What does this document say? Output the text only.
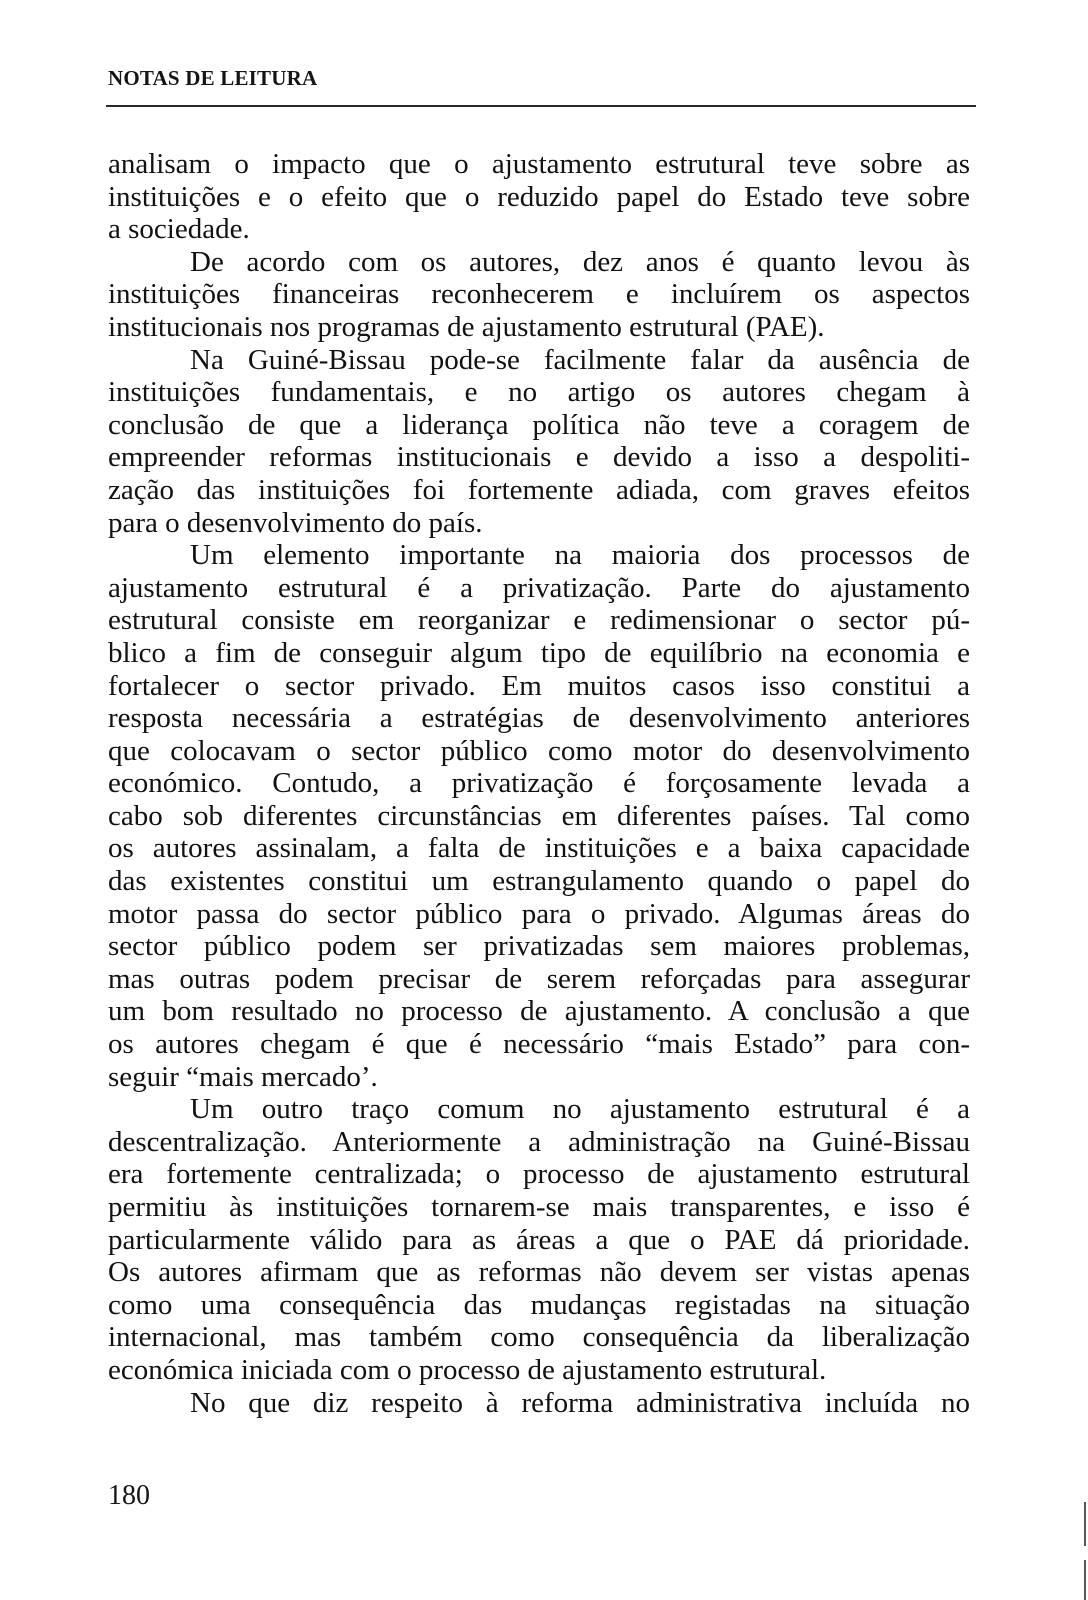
NOTAS DE LEITURA
analisam o impacto que o ajustamento estrutural teve sobre as
instituições e o efeito que o reduzido papel do Estado teve sobre
a sociedade.
De acordo com os autores, dez anos é quanto levou às
instituições financeiras reconhecerem e incluírem os aspectos
institucionais nos programas de ajustamento estrutural (PAE).
Na Guiné-Bissau pode-se facilmente falar da ausência de
instituições fundamentais, e no artigo os autores chegam à
conclusão de que a liderança política não teve a coragem de
empreender reformas institucionais e devido a isso a despoliti-
zação das instituições foi fortemente adiada, com graves efeitos
para o desenvolvimento do país.
Um elemento importante na maioria dos processos de
ajustamento estrutural é a privatização. Parte do ajustamento
estrutural consiste em reorganizar e redimensionar o sector pú-
blico a fim de conseguir algum tipo de equilíbrio na economia e
fortalecer o sector privado. Em muitos casos isso constitui a
resposta necessária a estratégias de desenvolvimento anteriores
que colocavam o sector público como motor do desenvolvimento
económico. Contudo, a privatização é forçosamente levada a
cabo sob diferentes circunstâncias em diferentes países. Tal como
os autores assinalam, a falta de instituições e a baixa capacidade
das existentes constitui um estrangulamento quando o papel do
motor passa do sector público para o privado. Algumas áreas do
sector público podem ser privatizadas sem maiores problemas,
mas outras podem precisar de serem reforçadas para assegurar
um bom resultado no processo de ajustamento. A conclusão a que
os autores chegam é que é necessário “mais Estado” para con-
seguir “mais mercado’.
Um outro traço comum no ajustamento estrutural é a
descentralização. Anteriormente a administração na Guiné-Bissau
era fortemente centralizada; o processo de ajustamento estrutural
permitiu às instituições tornarem-se mais transparentes, e isso é
particularmente válido para as áreas a que o PAE dá prioridade.
Os autores afirmam que as reformas não devem ser vistas apenas
como uma consequência das mudanças registadas na situação
internacional, mas também como consequência da liberalização
económica iniciada com o processo de ajustamento estrutural.
No que diz respeito à reforma administrativa incluída no
180
